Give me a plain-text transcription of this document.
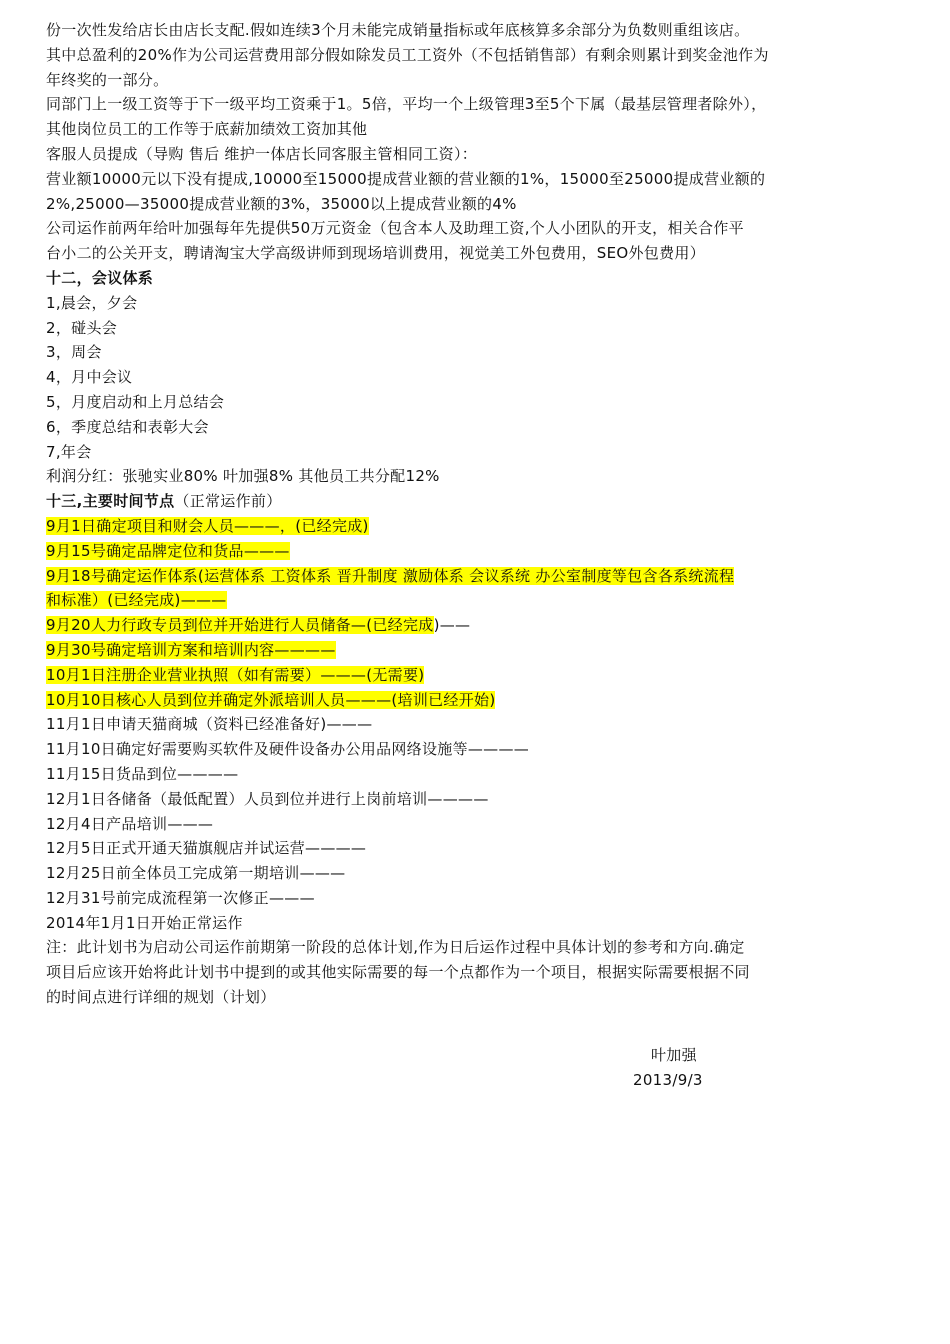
份一次性发给店长由店长支配.假如连续3个月未能完成销量指标或年底核算多余部分为负数则重组该店。
其中总盈利的20%作为公司运营费用部分假如除发员工工资外（不包括销售部）有剩余则累计到奖金池作为
年终奖的一部分。
同部门上一级工资等于下一级平均工资乘于1。5倍，平均一个上级管理3至5个下属（最基层管理者除外），
其他岗位员工的工作等于底薪加绩效工资加其他
客服人员提成（导购 售后 维护一体店长同客服主管相同工资）：
营业额10000元以下没有提成,10000至15000提成营业额的营业额的1%，15000至25000提成营业额的
2%,25000—35000提成营业额的3%，35000以上提成营业额的4%
公司运作前两年给叶加强每年先提供50万元资金（包含本人及助理工资,个人小团队的开支，相关合作平
台小二的公关开支，聘请淘宝大学高级讲师到现场培训费用，视觉美工外包费用，SEO外包费用）
十二，会议体系
1,晨会，夕会
2，碰头会
3，周会
4，月中会议
5，月度启动和上月总结会
6，季度总结和表彰大会
7,年会
利润分红：张驰实业80% 叶加强8% 其他员工共分配12%
十三,主要时间节点（正常运作前）
9月1日确定项目和财会人员———，(已经完成)
9月15号确定品牌定位和货品———
9月18号确定运作体系(运营体系 工资体系 晋升制度 激励体系 会议系统 办公室制度等包含各系统流程
和标准）(已经完成)———
9月20人力行政专员到位并开始进行人员储备—(已经完成)——
9月30号确定培训方案和培训内容————
10月1日注册企业营业执照（如有需要）———(无需要)
10月10日核心人员到位并确定外派培训人员———(培训已经开始)
11月1日申请天猫商城（资料已经准备好)———
11月10日确定好需要购买软件及硬件设备办公用品网络设施等————
11月15日货品到位————
12月1日各储备（最低配置）人员到位并进行上岗前培训————
12月4日产品培训———
12月5日正式开通天猫旗舰店并试运营————
12月25日前全体员工完成第一期培训———
12月31号前完成流程第一次修正———
2014年1月1日开始正常运作
注：此计划书为启动公司运作前期第一阶段的总体计划,作为日后运作过程中具体计划的参考和方向.确定
项目后应该开始将此计划书中提到的或其他实际需要的每一个点都作为一个项目，根据实际需要根据不同
的时间点进行详细的规划（计划）
叶加强
2013/9/3
